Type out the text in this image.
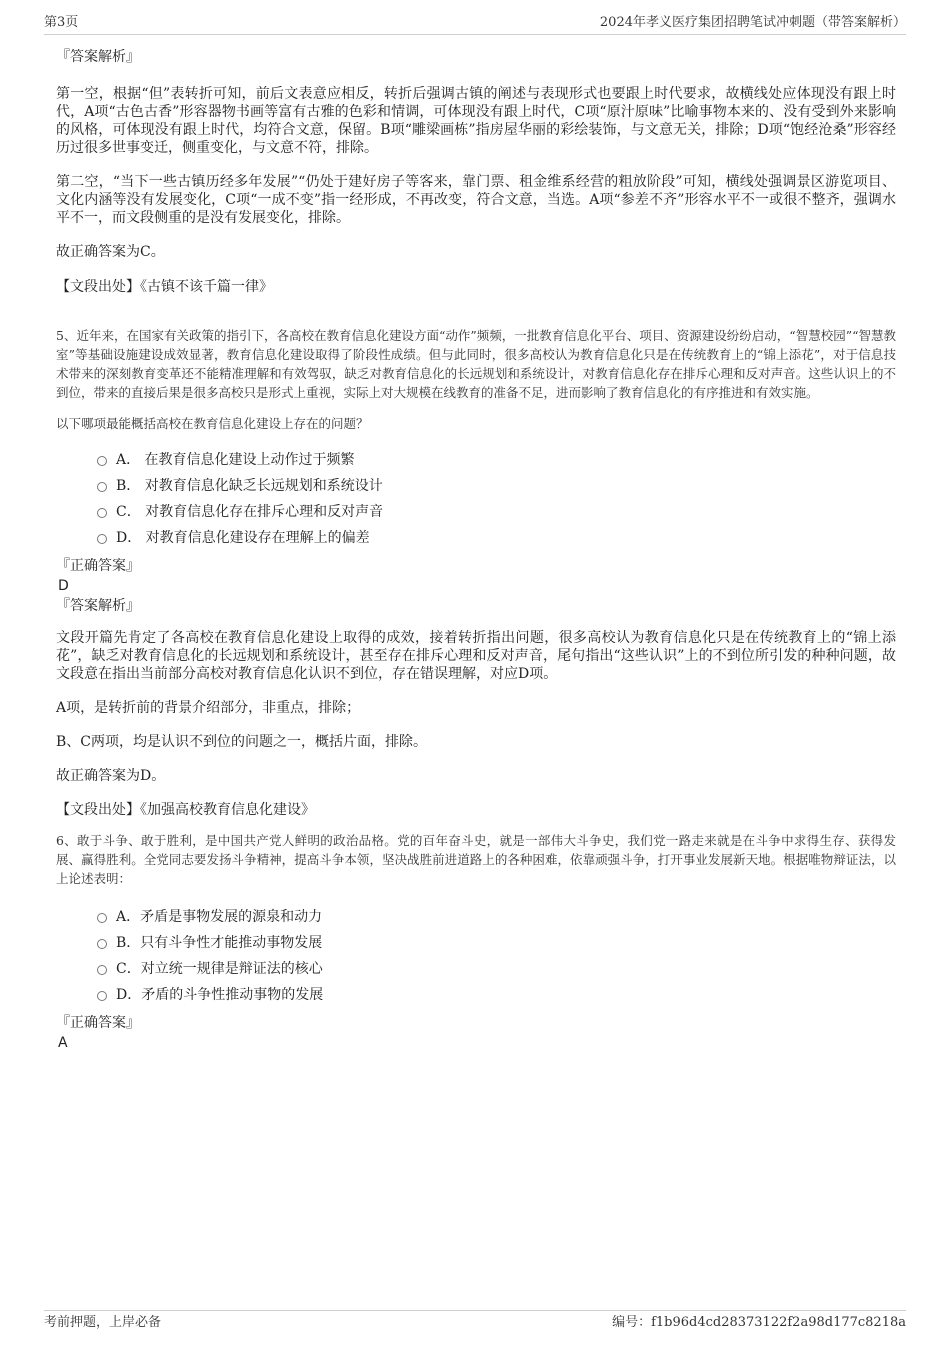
第3页	2024年孝义医疗集团招聘笔试冲刺题（带答案解析）

『答案解析』

第一空，根据“但”表转折可知，前后文表意应相反，转折后强调古镇的阐述与表现形式也要跟上时代要求，故横线处应体现没有跟上时代，A项“古色古香”形容器物书画等富有古雅的色彩和情调，可体现没有跟上时代，C项“原汁原味”比喻事物本来的、没有受到外来影响的风格，可体现没有跟上时代，均符合文意，保留。B项“雕梁画栋”指房屋华丽的彩绘装饰，与文意无关，排除；D项“饱经沧桑”形容经历过很多世事变迁，侧重变化，与文意不符，排除。

第二空，“当下一些古镇历经多年发展”“仍处于建好房子等客来，靠门票、租金维系经营的粗放阶段”可知，横线处强调景区游览项目、文化内涵等没有发展变化，C项“一成不变”指一经形成，不再改变，符合文意，当选。A项“参差不齐”形容水平不一或很不整齐，强调水平不一，而文段侧重的是没有发展变化，排除。

故正确答案为C。

【文段出处】《古镇不该千篇一律》

5、近年来，在国家有关政策的指引下，各高校在教育信息化建设方面“动作”频频，一批教育信息化平台、项目、资源建设纷纷启动，“智慧校园”“智慧教室”等基础设施建设成效显著，教育信息化建设取得了阶段性成绩。但与此同时，很多高校认为教育信息化只是在传统教育上的“锦上添花”，对于信息技术带来的深刻教育变革还不能精准理解和有效驾驭，缺乏对教育信息化的长远规划和系统设计，对教育信息化存在排斥心理和反对声音。这些认识上的不到位，带来的直接后果是很多高校只是形式上重视，实际上对大规模在线教育的准备不足，进而影响了教育信息化的有序推进和有效实施。

以下哪项最能概括高校在教育信息化建设上存在的问题？

A． 在教育信息化建设上动作过于频繁
B． 对教育信息化缺乏长远规划和系统设计
C． 对教育信息化存在排斥心理和反对声音
D． 对教育信息化建设存在理解上的偏差

『正确答案』

D

『答案解析』

文段开篇先肯定了各高校在教育信息化建设上取得的成效，接着转折指出问题，很多高校认为教育信息化只是在传统教育上的“锦上添花”，缺乏对教育信息化的长远规划和系统设计，甚至存在排斥心理和反对声音，尾句指出“这些认识”上的不到位所引发的种种问题，故文段意在指出当前部分高校对教育信息化认识不到位，存在错误理解，对应D项。

A项，是转折前的背景介绍部分，非重点，排除；

B、C两项，均是认识不到位的问题之一，概括片面，排除。

故正确答案为D。

【文段出处】《加强高校教育信息化建设》

6、敢于斗争、敢于胜利，是中国共产党人鲜明的政治品格。党的百年奋斗史，就是一部伟大斗争史，我们党一路走来就是在斗争中求得生存、获得发展、赢得胜利。全党同志要发扬斗争精神，提高斗争本领，坚决战胜前进道路上的各种困难，依靠顽强斗争，打开事业发展新天地。根据唯物辩证法，以上论述表明：

A．矛盾是事物发展的源泉和动力
B．只有斗争性才能推动事物发展
C．对立统一规律是辩证法的核心
D．矛盾的斗争性推动事物的发展

『正确答案』

A

考前押题，上岸必备	编号：f1b96d4cd28373122f2a98d177c8218a
